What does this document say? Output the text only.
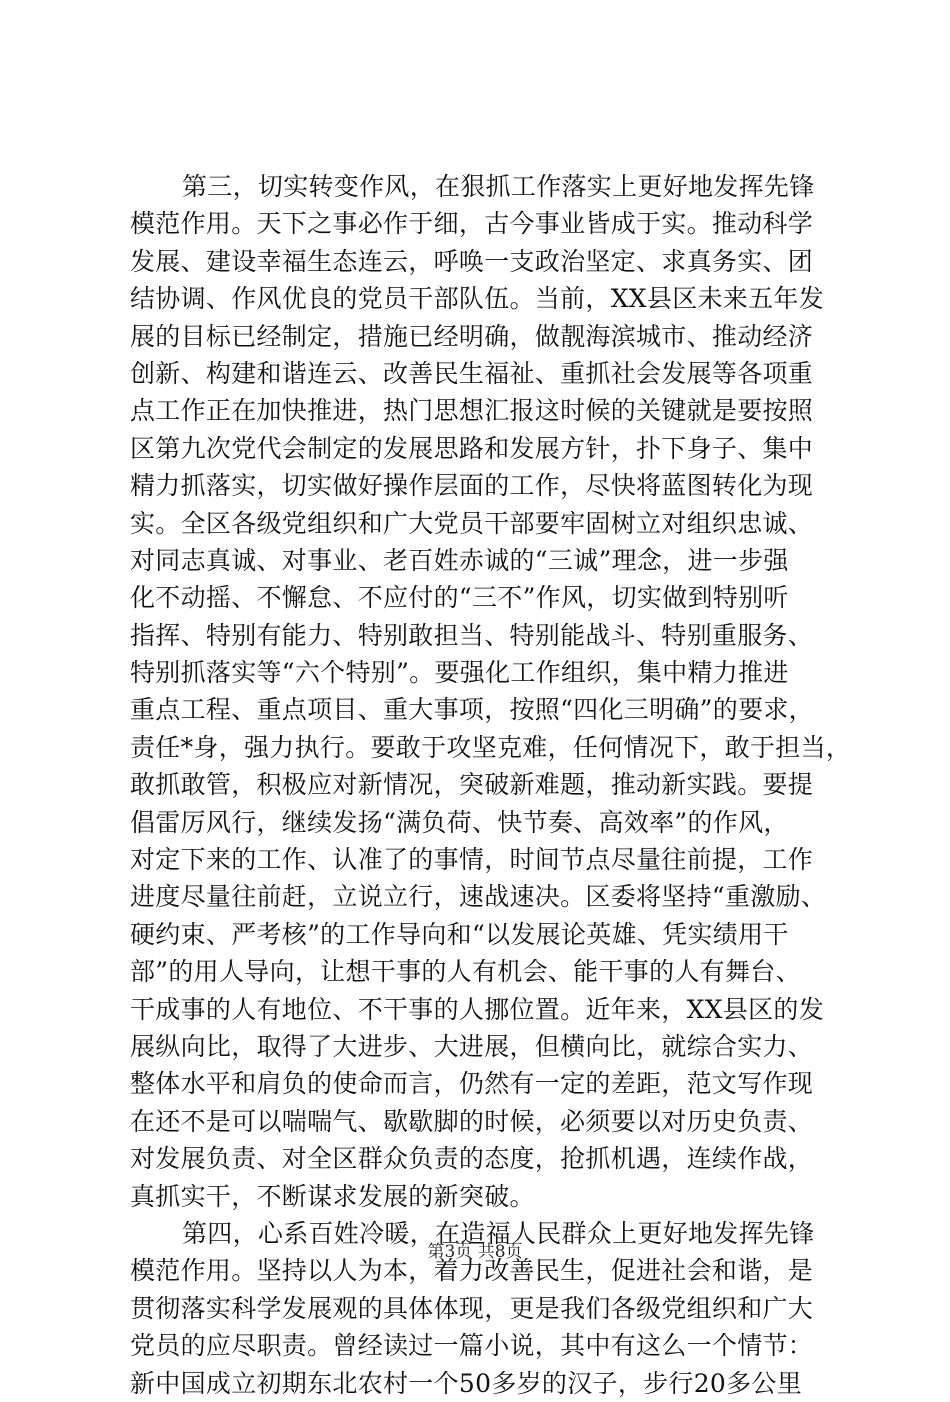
第三，切实转变作风，在狠抓工作落实上更好地发挥先锋
模范作用。天下之事必作于细，古今事业皆成于实。推动科学
发展、建设幸福生态连云，呼唤一支政治坚定、求真务实、团
结协调、作风优良的党员干部队伍。当前，XX县区未来五年发
展的目标已经制定，措施已经明确，做靓海滨城市、推动经济
创新、构建和谐连云、改善民生福祉、重抓社会发展等各项重
点工作正在加快推进，热门思想汇报这时候的关键就是要按照
区第九次党代会制定的发展思路和发展方针，扑下身子、集中
精力抓落实，切实做好操作层面的工作，尽快将蓝图转化为现
实。全区各级党组织和广大党员干部要牢固树立对组织忠诚、
对同志真诚、对事业、老百姓赤诚的“三诚”理念，进一步强
化不动摇、不懈怠、不应付的“三不”作风，切实做到特别听
指挥、特别有能力、特别敢担当、特别能战斗、特别重服务、
特别抓落实等“六个特别”。要强化工作组织，集中精力推进
重点工程、重点项目、重大事项，按照“四化三明确”的要求，
责任*身，强力执行。要敢于攻坚克难，任何情况下，敢于担当，
敢抓敢管，积极应对新情况，突破新难题，推动新实践。要提
倡雷厉风行，继续发扬“满负荷、快节奏、高效率”的作风，
对定下来的工作、认准了的事情，时间节点尽量往前提，工作
进度尽量往前赶，立说立行，速战速决。区委将坚持“重激励、
硬约束、严考核”的工作导向和“以发展论英雄、凭实绩用干
部”的用人导向，让想干事的人有机会、能干事的人有舞台、
干成事的人有地位、不干事的人挪位置。近年来，XX县区的发
展纵向比，取得了大进步、大进展，但横向比，就综合实力、
整体水平和肩负的使命而言，仍然有一定的差距，范文写作现
在还不是可以喘喘气、歇歇脚的时候，必须要以对历史负责、
对发展负责、对全区群众负责的态度，抢抓机遇，连续作战，
真抓实干，不断谋求发展的新突破。
第四，心系百姓冷暖，在造福人民群众上更好地发挥先锋
模范作用。坚持以人为本，着力改善民生，促进社会和谐，是
贯彻落实科学发展观的具体体现，更是我们各级党组织和广大
党员的应尽职责。曾经读过一篇小说，其中有这么一个情节：
新中国成立初期东北农村一个50多岁的汉子，步行20多公里
第3页 共8页
